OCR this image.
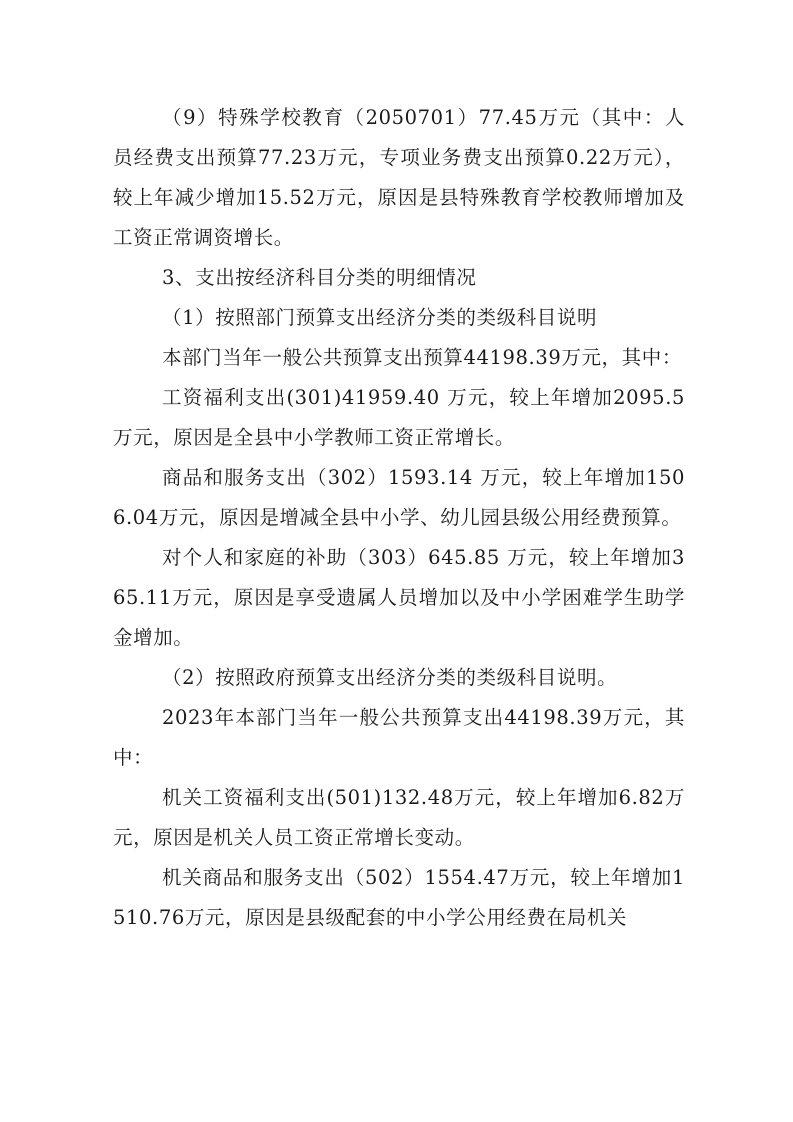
（9）特殊学校教育（2050701）77.45万元（其中：人员经费支出预算77.23万元，专项业务费支出预算0.22万元），较上年减少增加15.52万元，原因是县特殊教育学校教师增加及工资正常调资增长。

3、支出按经济科目分类的明细情况

（1）按照部门预算支出经济分类的类级科目说明

本部门当年一般公共预算支出预算44198.39万元，其中：

工资福利支出(301)41959.40 万元，较上年增加2095.5万元，原因是全县中小学教师工资正常增长。

商品和服务支出（302）1593.14 万元，较上年增加1506.04万元，原因是增减全县中小学、幼儿园县级公用经费预算。

对个人和家庭的补助（303）645.85 万元，较上年增加365.11万元，原因是享受遗属人员增加以及中小学困难学生助学金增加。

（2）按照政府预算支出经济分类的类级科目说明。

2023年本部门当年一般公共预算支出44198.39万元，其中：

机关工资福利支出(501)132.48万元，较上年增加6.82万元，原因是机关人员工资正常增长变动。

机关商品和服务支出（502）1554.47万元，较上年增加1510.76万元，原因是县级配套的中小学公用经费在局机关
